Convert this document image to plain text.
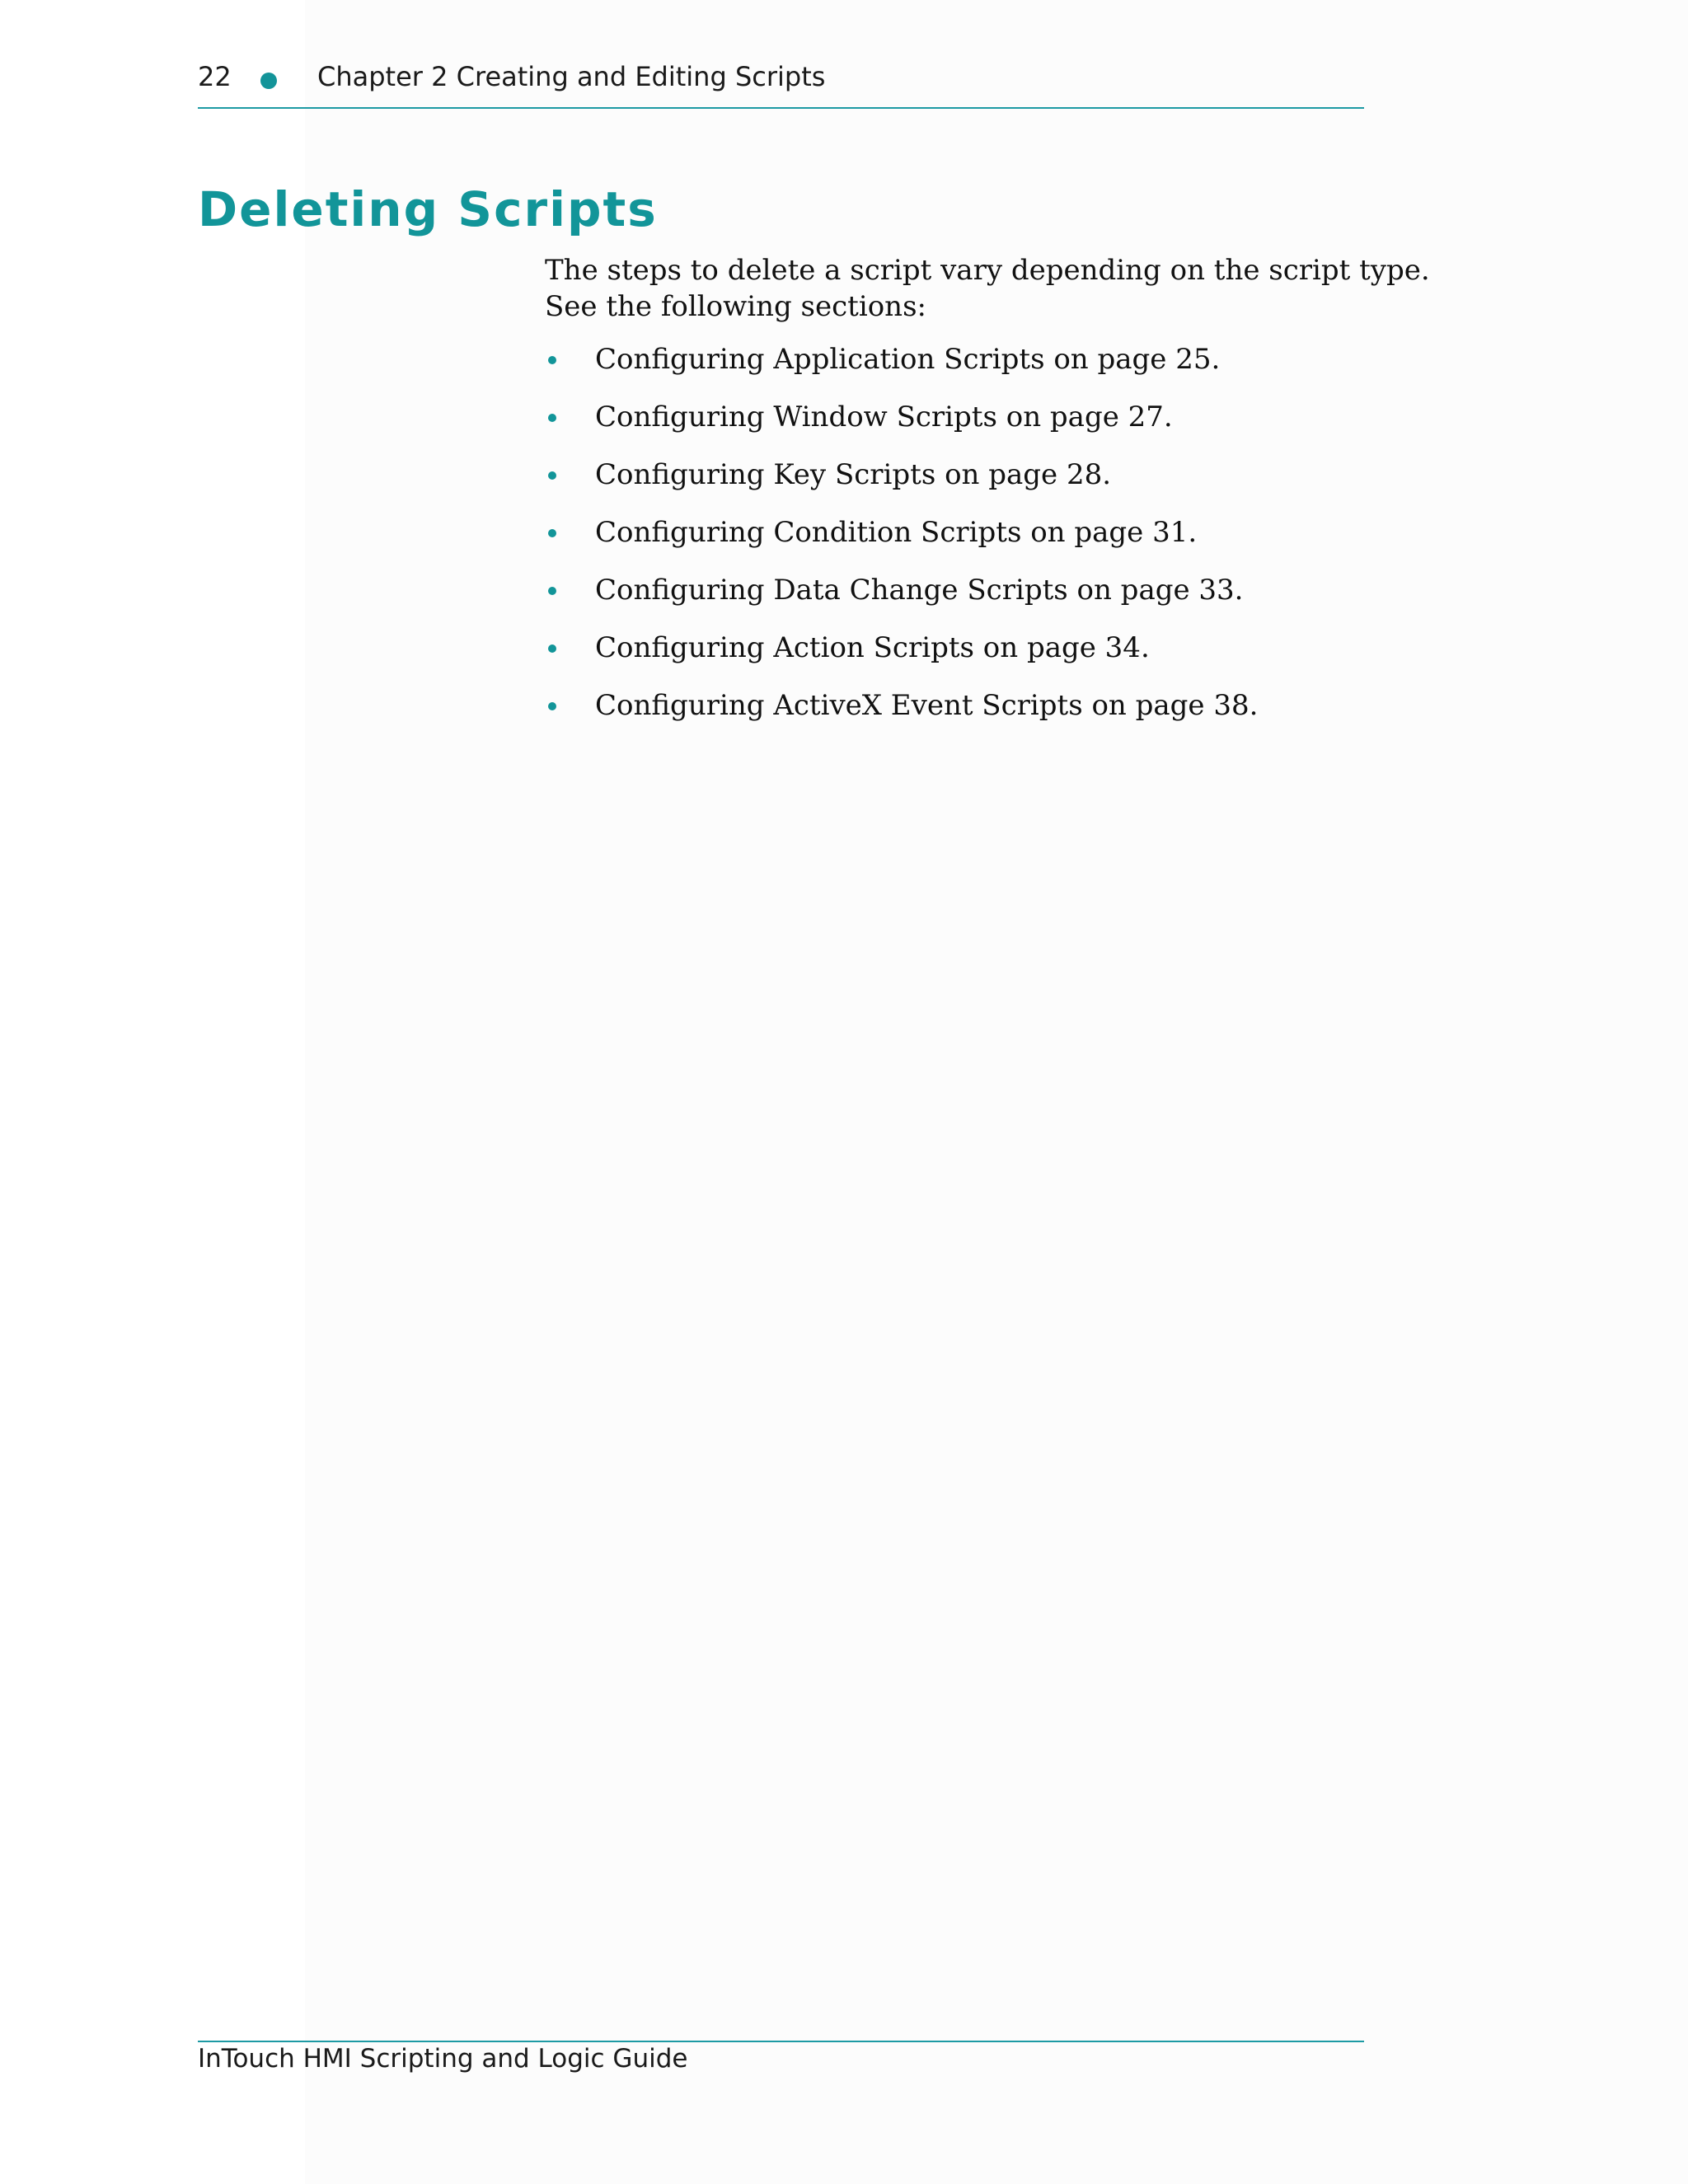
22	Chapter 2 Creating and Editing Scripts
Deleting Scripts

The steps to delete a script vary depending on the script type.
See the following sections:

Configuring Application Scripts on page 25.
Configuring Window Scripts on page 27.
Configuring Key Scripts on page 28.
Configuring Condition Scripts on page 31.
Configuring Data Change Scripts on page 33.
Configuring Action Scripts on page 34.
Configuring ActiveX Event Scripts on page 38.
InTouch HMI Scripting and Logic Guide
